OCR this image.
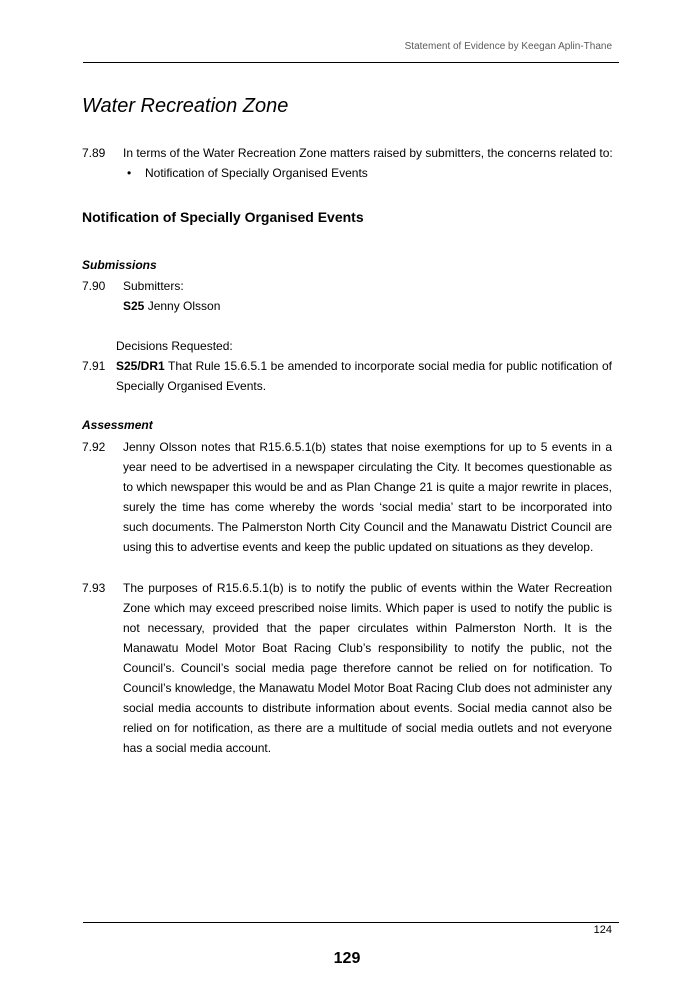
Statement of Evidence by Keegan Aplin-Thane
Water Recreation Zone
7.89 In terms of the Water Recreation Zone matters raised by submitters, the concerns related to:
• Notification of Specially Organised Events
Notification of Specially Organised Events
Submissions
7.90 Submitters:
S25 Jenny Olsson
Decisions Requested:
7.91 S25/DR1 That Rule 15.6.5.1 be amended to incorporate social media for public notification of Specially Organised Events.
Assessment
7.92 Jenny Olsson notes that R15.6.5.1(b) states that noise exemptions for up to 5 events in a year need to be advertised in a newspaper circulating the City. It becomes questionable as to which newspaper this would be and as Plan Change 21 is quite a major rewrite in places, surely the time has come whereby the words ‘social media’ start to be incorporated into such documents. The Palmerston North City Council and the Manawatu District Council are using this to advertise events and keep the public updated on situations as they develop.
7.93 The purposes of R15.6.5.1(b) is to notify the public of events within the Water Recreation Zone which may exceed prescribed noise limits. Which paper is used to notify the public is not necessary, provided that the paper circulates within Palmerston North. It is the Manawatu Model Motor Boat Racing Club’s responsibility to notify the public, not the Council’s. Council’s social media page therefore cannot be relied on for notification. To Council’s knowledge, the Manawatu Model Motor Boat Racing Club does not administer any social media accounts to distribute information about events. Social media cannot also be relied on for notification, as there are a multitude of social media outlets and not everyone has a social media account.
124
129
